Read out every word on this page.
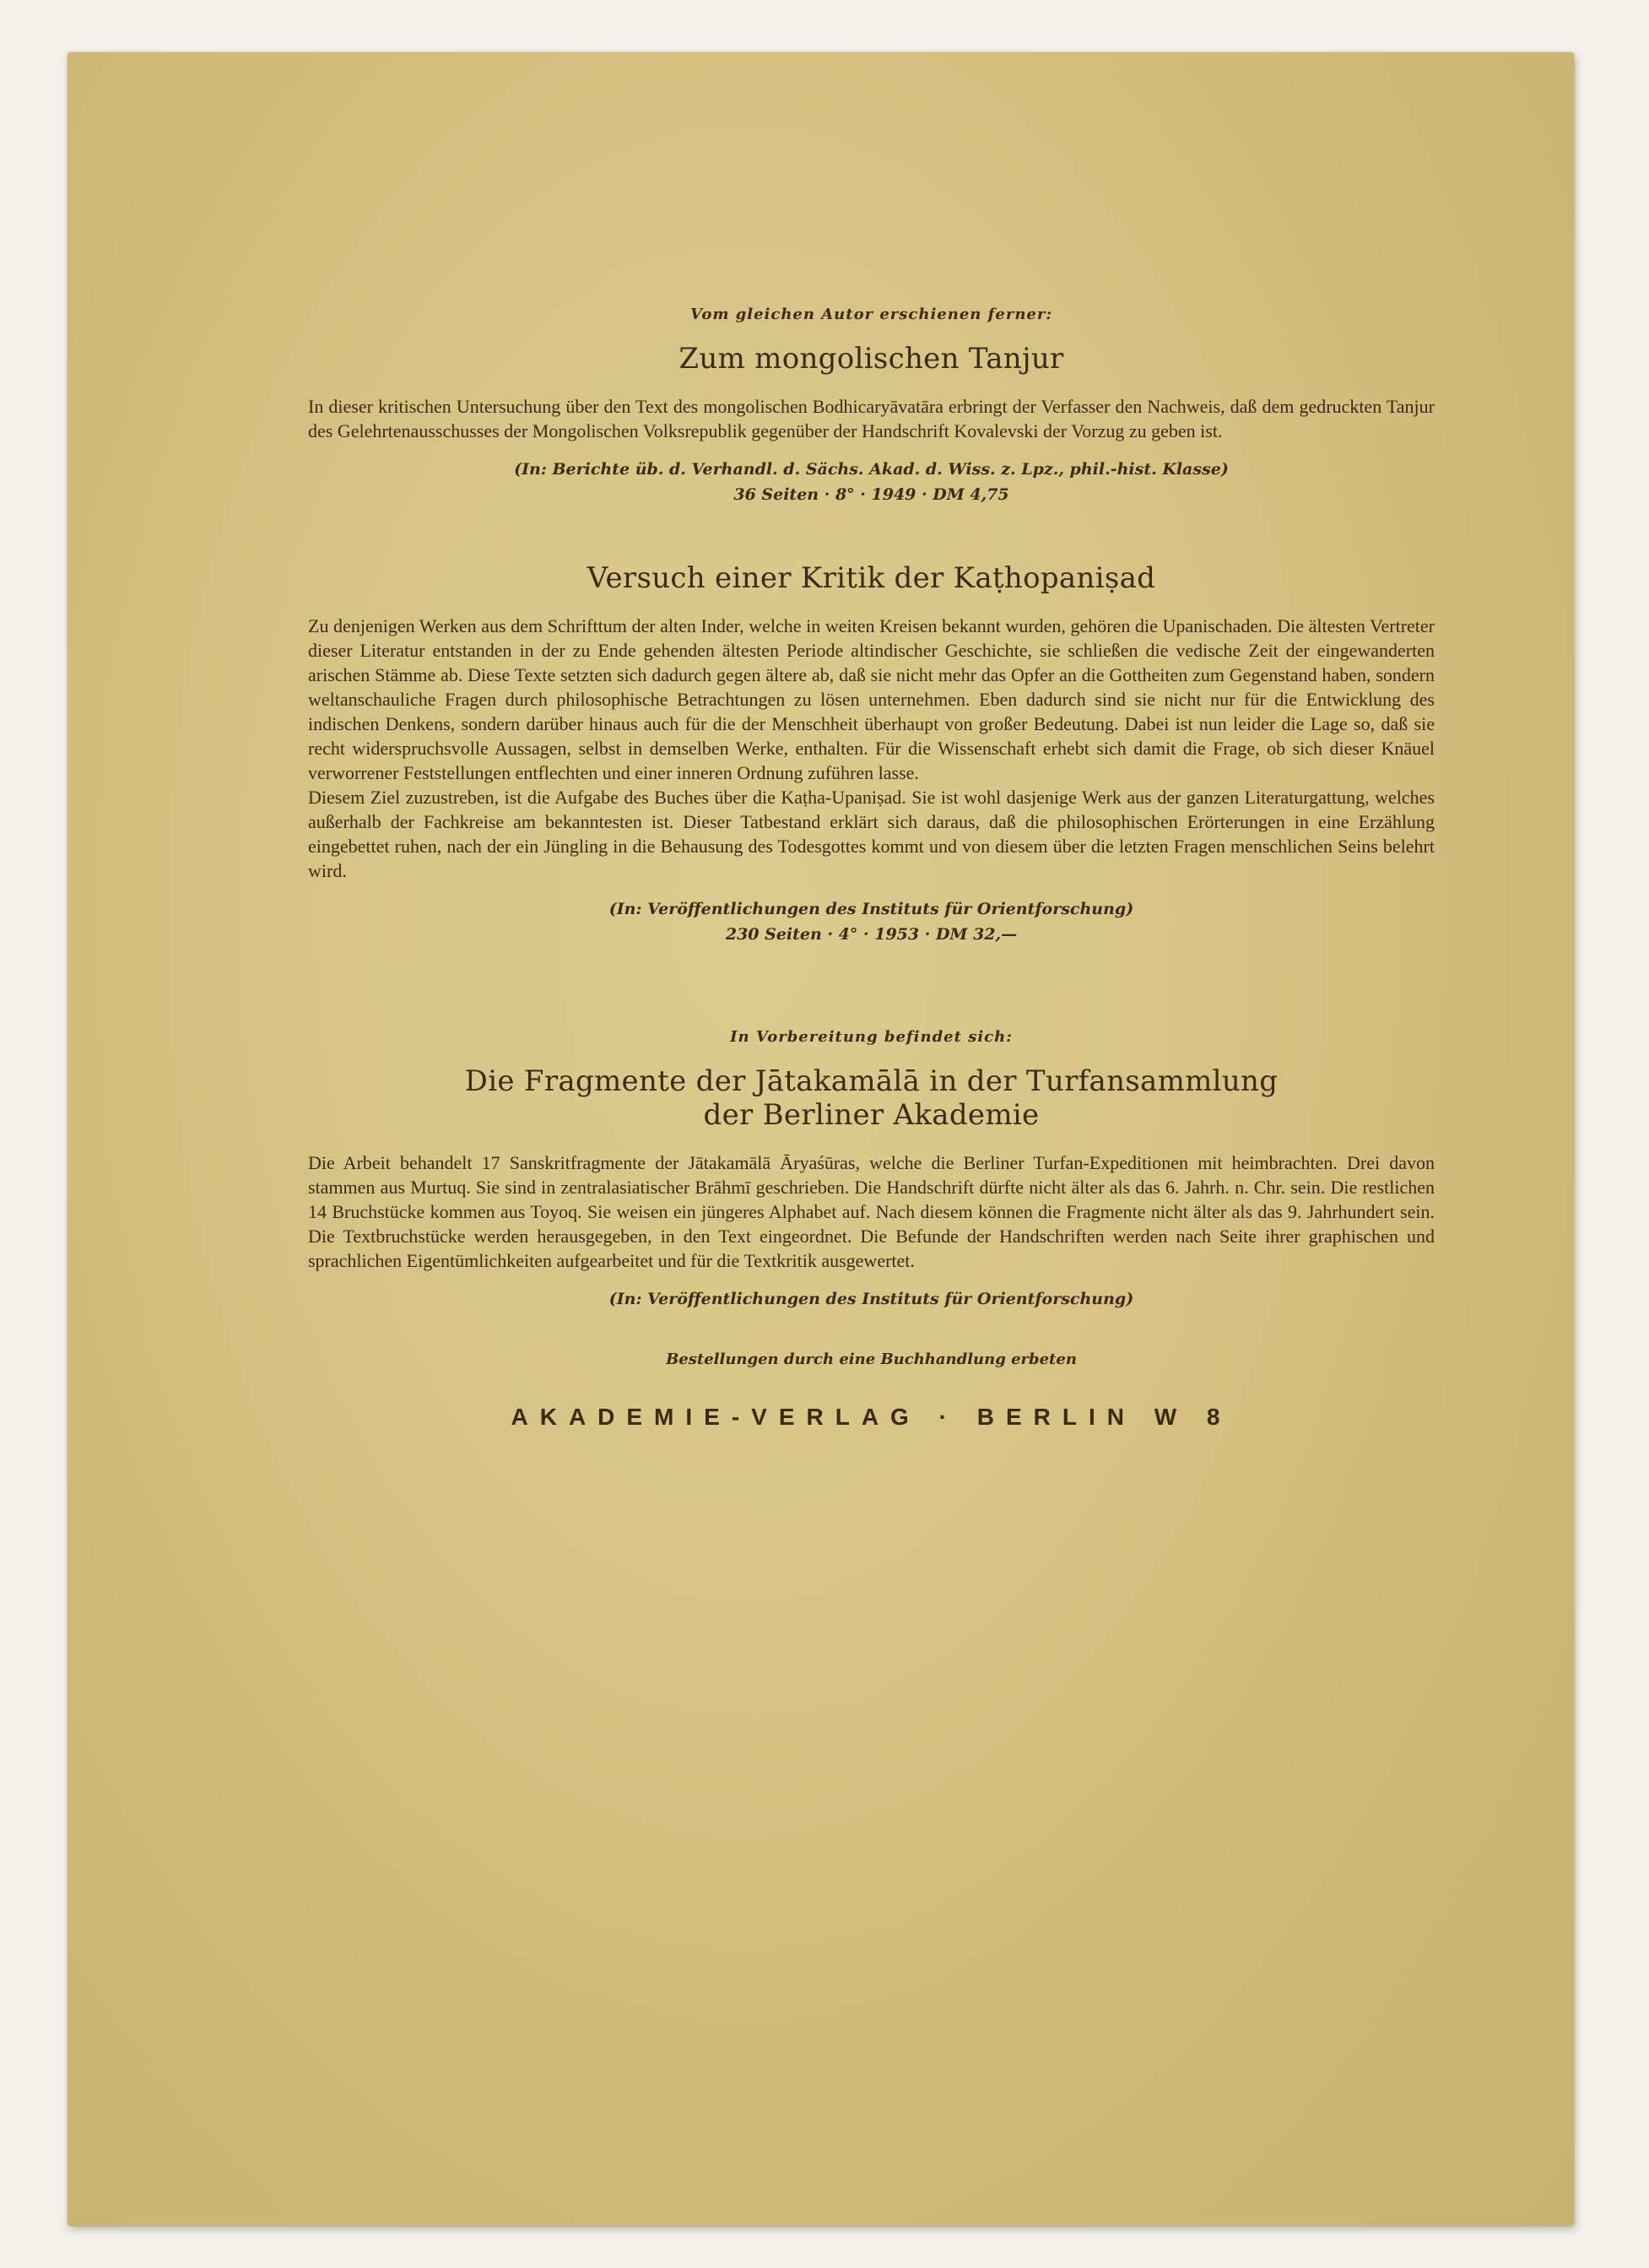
Vom gleichen Autor erschienen ferner:

Zum mongolischen Tanjur

In dieser kritischen Untersuchung über den Text des mongolischen Bodhicaryāvatāra erbringt der Verfasser den Nachweis, daß dem gedruckten Tanjur des Gelehrtenausschusses der Mongolischen Volksrepublik gegenüber der Handschrift Kovalevski der Vorzug zu geben ist.

(In: Berichte üb. d. Verhandl. d. Sächs. Akad. d. Wiss. z. Lpz., phil.-hist. Klasse)
36 Seiten · 8° · 1949 · DM 4,75

Versuch einer Kritik der Kaṭhopaniṣad

Zu denjenigen Werken aus dem Schrifttum der alten Inder, welche in weiten Kreisen bekannt wurden, gehören die Upanischaden. Die ältesten Vertreter dieser Literatur entstanden in der zu Ende gehenden ältesten Periode altindischer Geschichte, sie schließen die vedische Zeit der eingewanderten arischen Stämme ab. Diese Texte setzten sich dadurch gegen ältere ab, daß sie nicht mehr das Opfer an die Gottheiten zum Gegenstand haben, sondern weltanschauliche Fragen durch philosophische Betrachtungen zu lösen unternehmen. Eben dadurch sind sie nicht nur für die Entwicklung des indischen Denkens, sondern darüber hinaus auch für die der Menschheit überhaupt von großer Bedeutung. Dabei ist nun leider die Lage so, daß sie recht widerspruchsvolle Aussagen, selbst in demselben Werke, enthalten. Für die Wissenschaft erhebt sich damit die Frage, ob sich dieser Knäuel verworrener Feststellungen entflechten und einer inneren Ordnung zuführen lasse.

Diesem Ziel zuzustreben, ist die Aufgabe des Buches über die Kaṭha-Upaniṣad. Sie ist wohl dasjenige Werk aus der ganzen Literaturgattung, welches außerhalb der Fachkreise am bekanntesten ist. Dieser Tatbestand erklärt sich daraus, daß die philosophischen Erörterungen in eine Erzählung eingebettet ruhen, nach der ein Jüngling in die Behausung des Todesgottes kommt und von diesem über die letzten Fragen menschlichen Seins belehrt wird.

(In: Veröffentlichungen des Instituts für Orientforschung)
230 Seiten · 4° · 1953 · DM 32,—

In Vorbereitung befindet sich:

Die Fragmente der Jātakamālā in der Turfansammlung
der Berliner Akademie

Die Arbeit behandelt 17 Sanskritfragmente der Jātakamālā Āryaśūras, welche die Berliner Turfan-Expeditionen mit heimbrachten. Drei davon stammen aus Murtuq. Sie sind in zentralasiatischer Brāhmī geschrieben. Die Handschrift dürfte nicht älter als das 6. Jahrh. n. Chr. sein. Die restlichen 14 Bruchstücke kommen aus Toyoq. Sie weisen ein jüngeres Alphabet auf. Nach diesem können die Fragmente nicht älter als das 9. Jahrhundert sein. Die Textbruchstücke werden herausgegeben, in den Text eingeordnet. Die Befunde der Handschriften werden nach Seite ihrer graphischen und sprachlichen Eigentümlichkeiten aufgearbeitet und für die Textkritik ausgewertet.

(In: Veröffentlichungen des Instituts für Orientforschung)

Bestellungen durch eine Buchhandlung erbeten

AKADEMIE-VERLAG · BERLIN W 8
